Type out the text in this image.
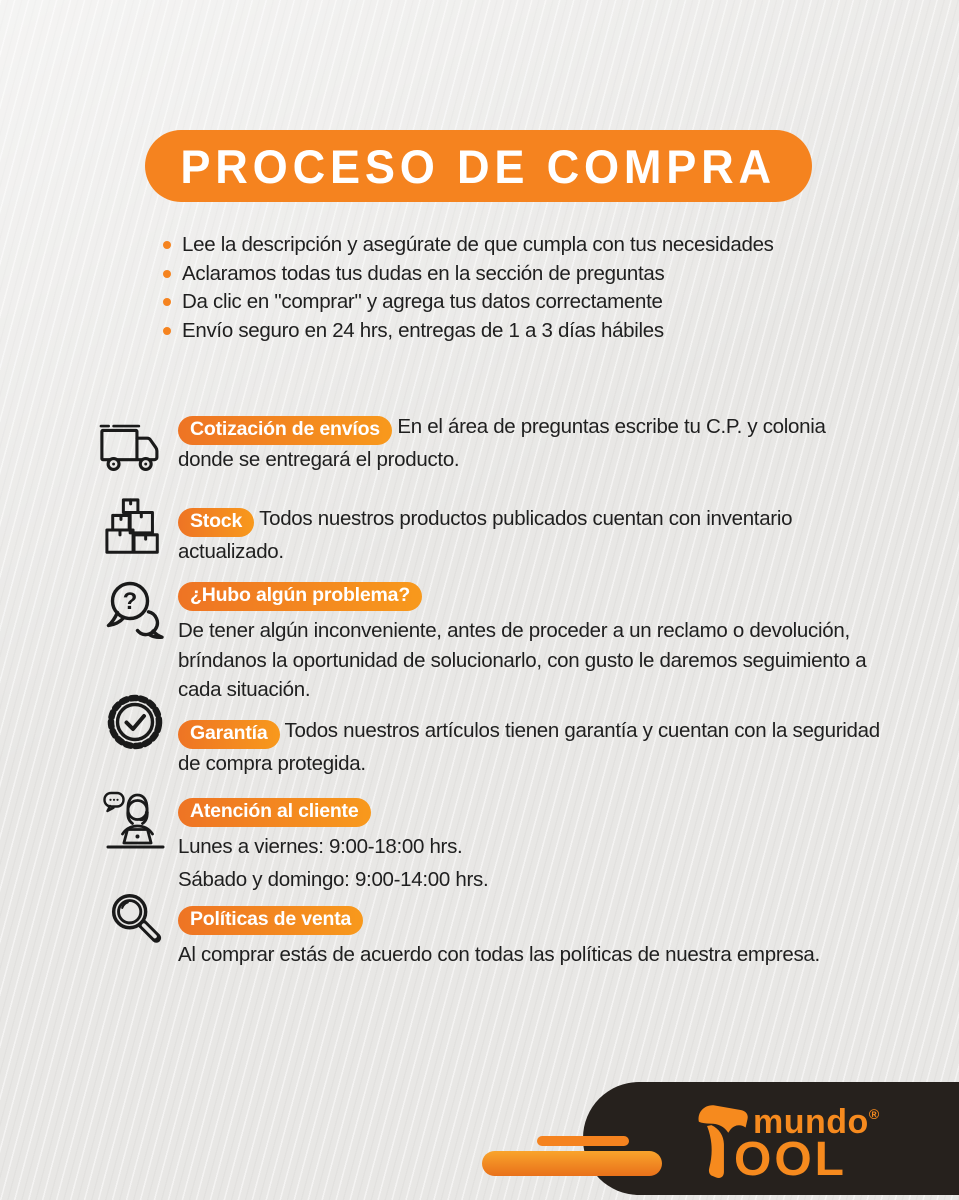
PROCESO DE COMPRA
Lee la descripción y asegúrate de que cumpla con tus necesidades
Aclaramos todas tus dudas en la sección de preguntas
Da clic en "comprar" y agrega tus datos correctamente
Envío seguro en 24 hrs, entregas de 1 a 3 días hábiles

Cotización de envíos En el área de preguntas escribe tu C.P. y colonia donde se entregará el producto.

Stock Todos nuestros productos publicados cuentan con inventario actualizado.

?	¿Hubo algún problema?

De tener algún inconveniente, antes de proceder a un reclamo o devolución, bríndanos la oportunidad de solucionarlo, con gusto le daremos seguimiento a cada situación.

Garantía Todos nuestros artículos tienen garantía y cuentan con la seguridad de compra protegida.

Atención al cliente

Lunes a viernes: 9:00-18:00 hrs.

Sábado y domingo: 9:00-14:00 hrs.

Políticas de venta

Al comprar estás de acuerdo con todas las políticas de nuestra empresa.

mundo®
OOL
